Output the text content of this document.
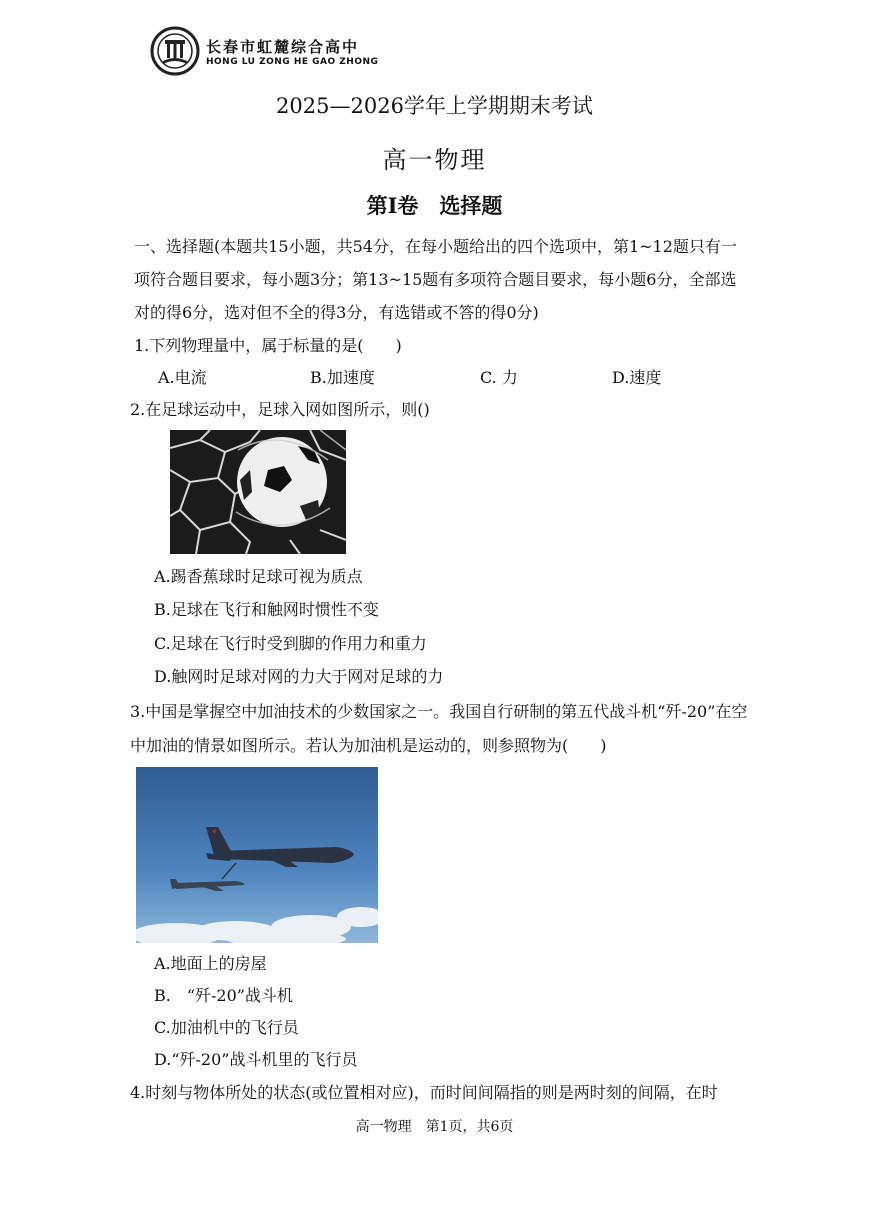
长春市虹麓综合高中
HONG LU ZONG HE GAO ZHONG
2025—2026学年上学期期末考试
高一物理
第Ⅰ卷　选择题
一、选择题(本题共15小题，共54分，在每小题给出的四个选项中，第1~12题只有一
项符合题目要求，每小题3分；第13~15题有多项符合题目要求，每小题6分，全部选
对的得6分，选对但不全的得3分，有选错或不答的得0分)
1.下列物理量中，属于标量的是(　　)
A.电流	B.加速度	C. 力	D.速度
2.在足球运动中，足球入网如图所示，则()
A.踢香蕉球时足球可视为质点
B.足球在飞行和触网时惯性不变
C.足球在飞行时受到脚的作用力和重力
D.触网时足球对网的力大于网对足球的力
3.中国是掌握空中加油技术的少数国家之一。我国自行研制的第五代战斗机“歼-20”在空
中加油的情景如图所示。若认为加油机是运动的，则参照物为(　　)
A.地面上的房屋
B.　“歼-20”战斗机
C.加油机中的飞行员
D.“歼-20”战斗机里的飞行员
4.时刻与物体所处的状态(或位置相对应)，而时间间隔指的则是两时刻的间隔，在时
高一物理　第1页，共6页
